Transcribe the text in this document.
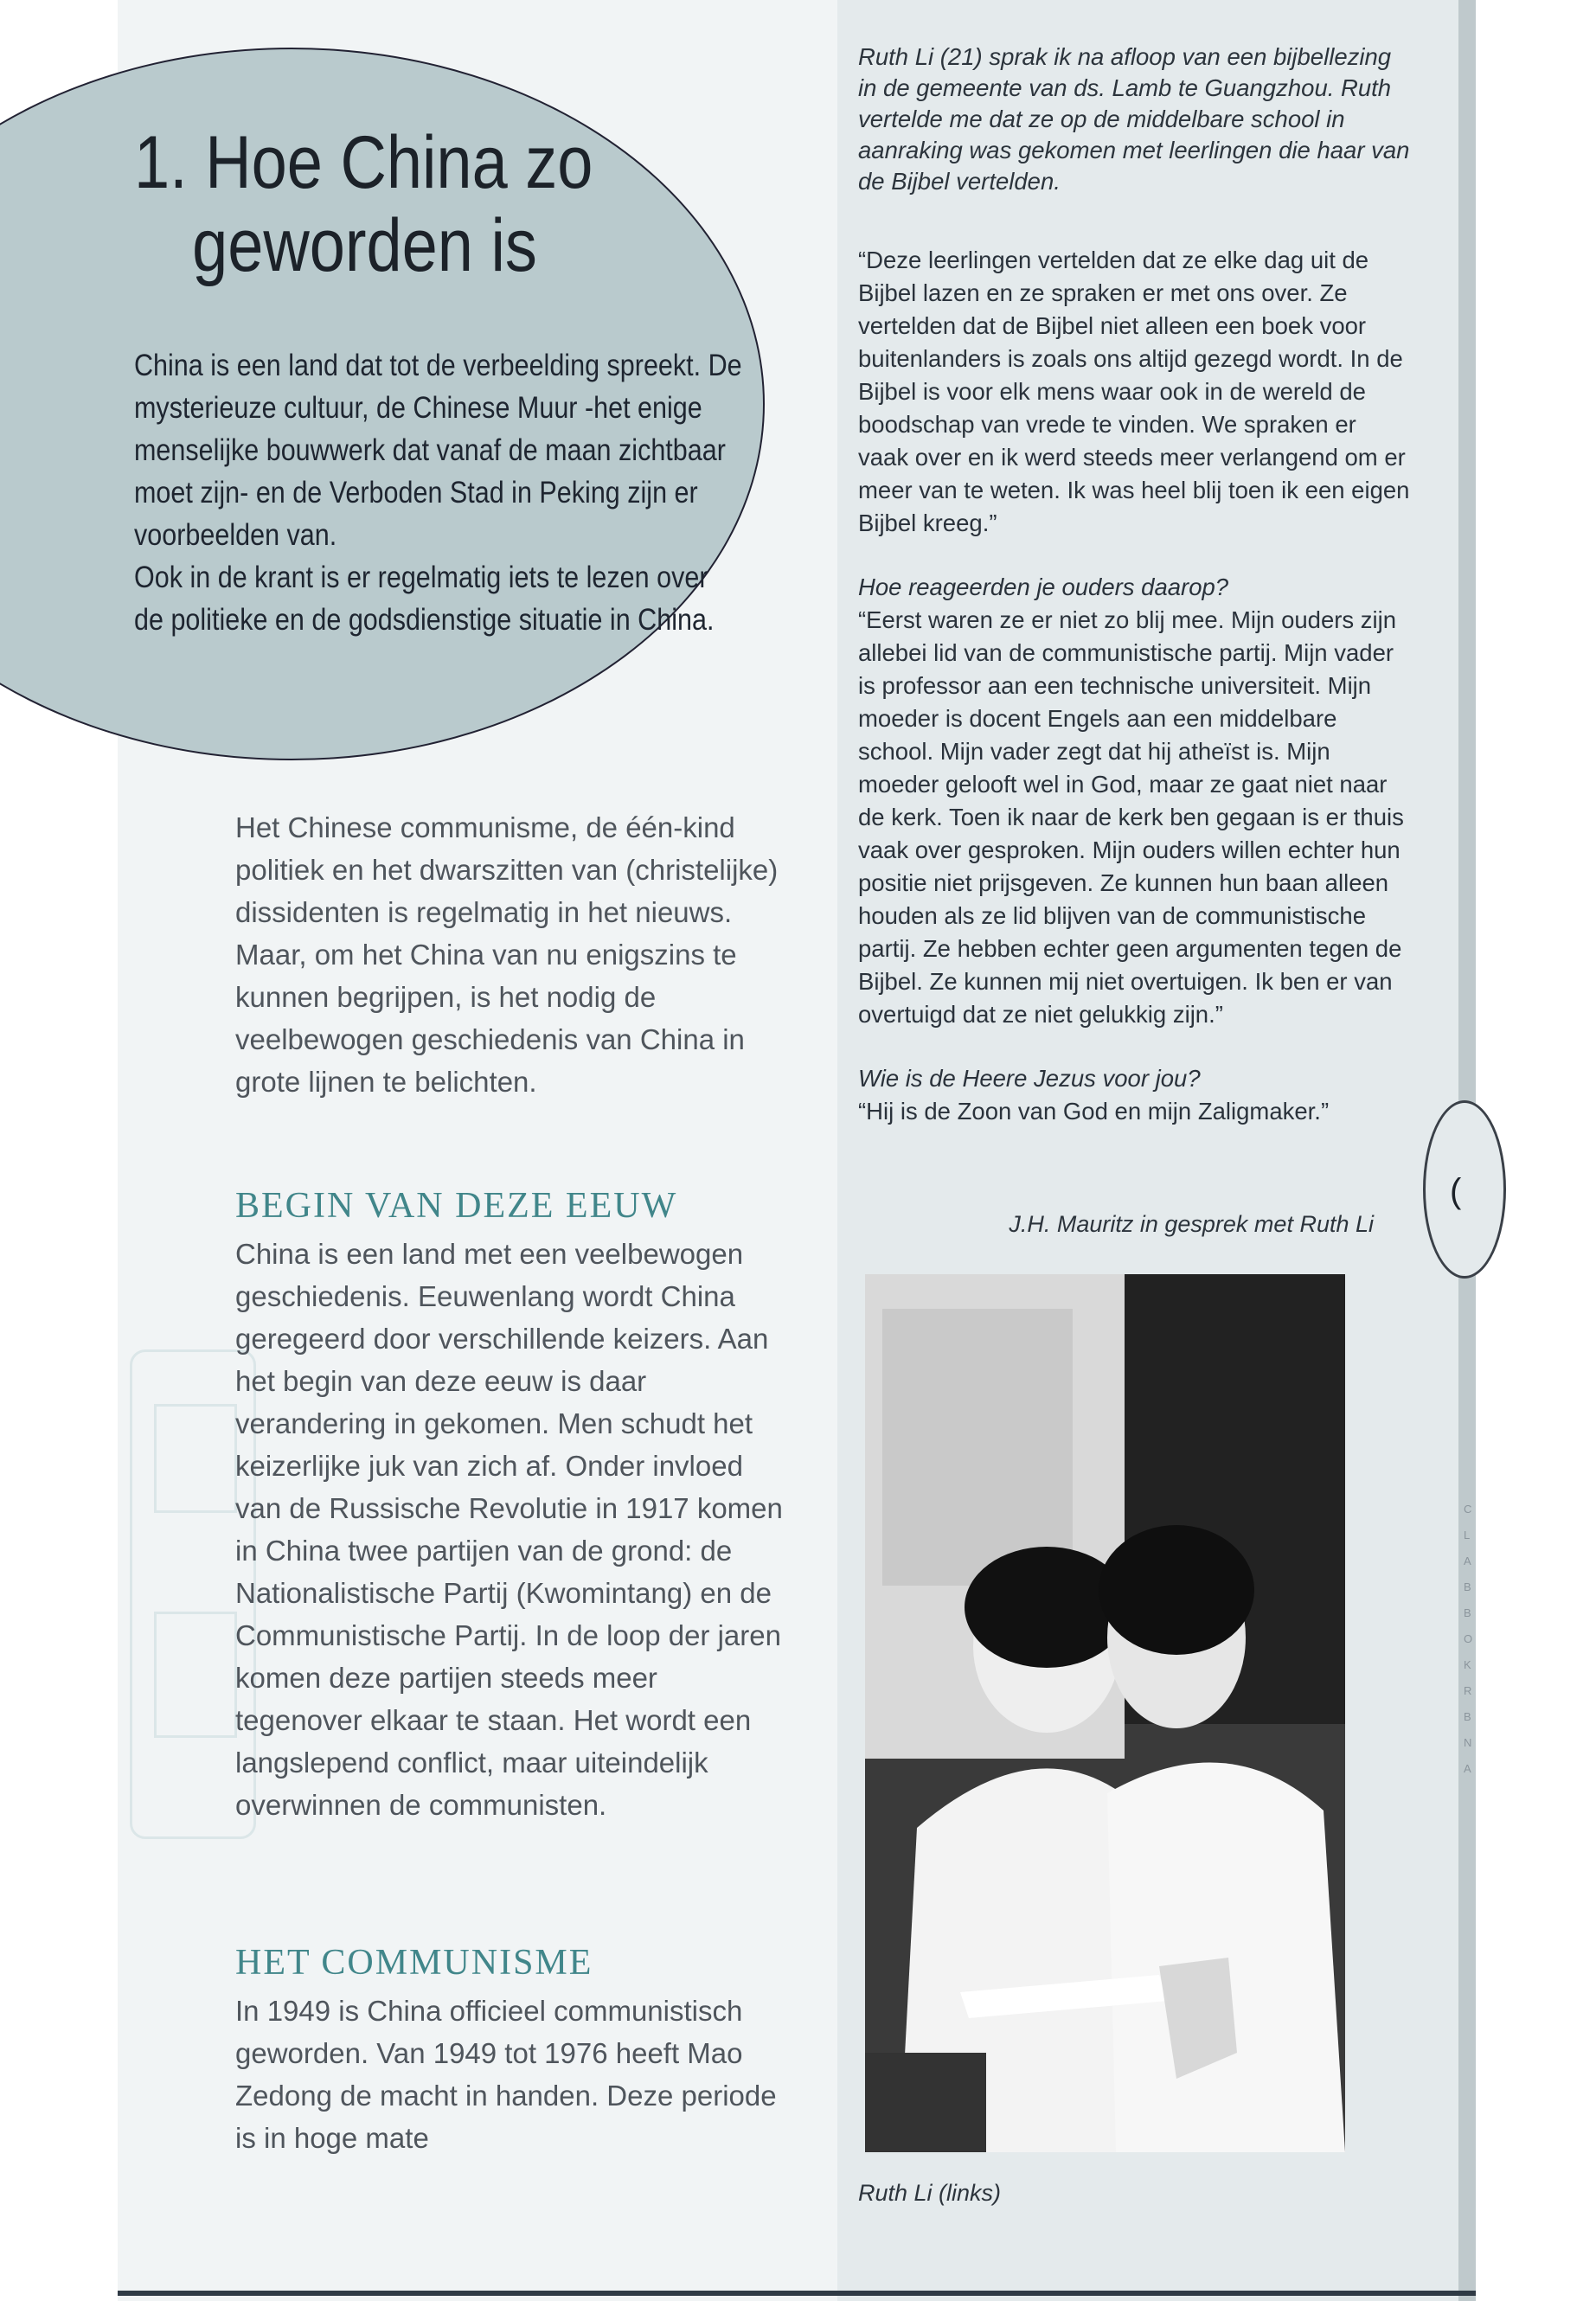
CLABBOKRBNA
1. Hoe China zo
geworden is

China is een land dat tot de verbeelding spreekt. De mysterieuze cultuur, de Chinese Muur -het enige menselijke bouwwerk dat vanaf de maan zichtbaar moet zijn- en de Verboden Stad in Peking zijn er voorbeelden van.

Ook in de krant is er regelmatig iets te lezen over de politieke en de godsdienstige situatie in China.

Het Chinese communisme, de één-kind politiek en het dwarszitten van (christelijke) dissidenten is regelmatig in het nieuws.

Maar, om het China van nu enigszins te kunnen begrijpen, is het nodig de veelbewogen geschiedenis van China in grote lijnen te belichten.

BEGIN VAN DEZE EEUW

China is een land met een veelbewogen geschiedenis. Eeuwenlang wordt China geregeerd door verschillende keizers. Aan het begin van deze eeuw is daar verandering in gekomen. Men schudt het keizerlijke juk van zich af. Onder invloed van de Russische Revolutie in 1917 komen in China twee partijen van de grond: de Nationalistische Partij (Kwomintang) en de Communistische Partij. In de loop der jaren komen deze partijen steeds meer tegenover elkaar te staan. Het wordt een langslepend conflict, maar uiteindelijk overwinnen de communisten.

HET COMMUNISME

In 1949 is China officieel communistisch geworden. Van 1949 tot 1976 heeft Mao Zedong de macht in handen. Deze periode is in hoge mate

Ruth Li (21) sprak ik na afloop van een bijbellezing in de gemeente van ds. Lamb te Guangzhou. Ruth vertelde me dat ze op de middelbare school in aanraking was gekomen met leerlingen die haar van de Bijbel vertelden.

“Deze leerlingen vertelden dat ze elke dag uit de Bijbel lazen en ze spraken er met ons over. Ze vertelden dat de Bijbel niet alleen een boek voor buitenlanders is zoals ons altijd gezegd wordt. In de Bijbel is voor elk mens waar ook in de wereld de boodschap van vrede te vinden. We spraken er vaak over en ik werd steeds meer verlangend om er meer van te weten. Ik was heel blij toen ik een eigen Bijbel kreeg.”

Hoe reageerden je ouders daarop?

“Eerst waren ze er niet zo blij mee. Mijn ouders zijn allebei lid van de communistische partij. Mijn vader is professor aan een technische universiteit. Mijn moeder is docent Engels aan een middelbare school. Mijn vader zegt dat hij atheïst is. Mijn moeder gelooft wel in God, maar ze gaat niet naar de kerk. Toen ik naar de kerk ben gegaan is er thuis vaak over gesproken. Mijn ouders willen echter hun positie niet prijsgeven. Ze kunnen hun baan alleen houden als ze lid blijven van de communistische partij. Ze hebben echter geen argumenten tegen de Bijbel. Ze kunnen mij niet overtuigen. Ik ben er van overtuigd dat ze niet gelukkig zijn.”

Wie is de Heere Jezus voor jou?

“Hij is de Zoon van God en mijn Zaligmaker.”

J.H. Mauritz in gesprek met Ruth Li
Ruth Li (links)
(
